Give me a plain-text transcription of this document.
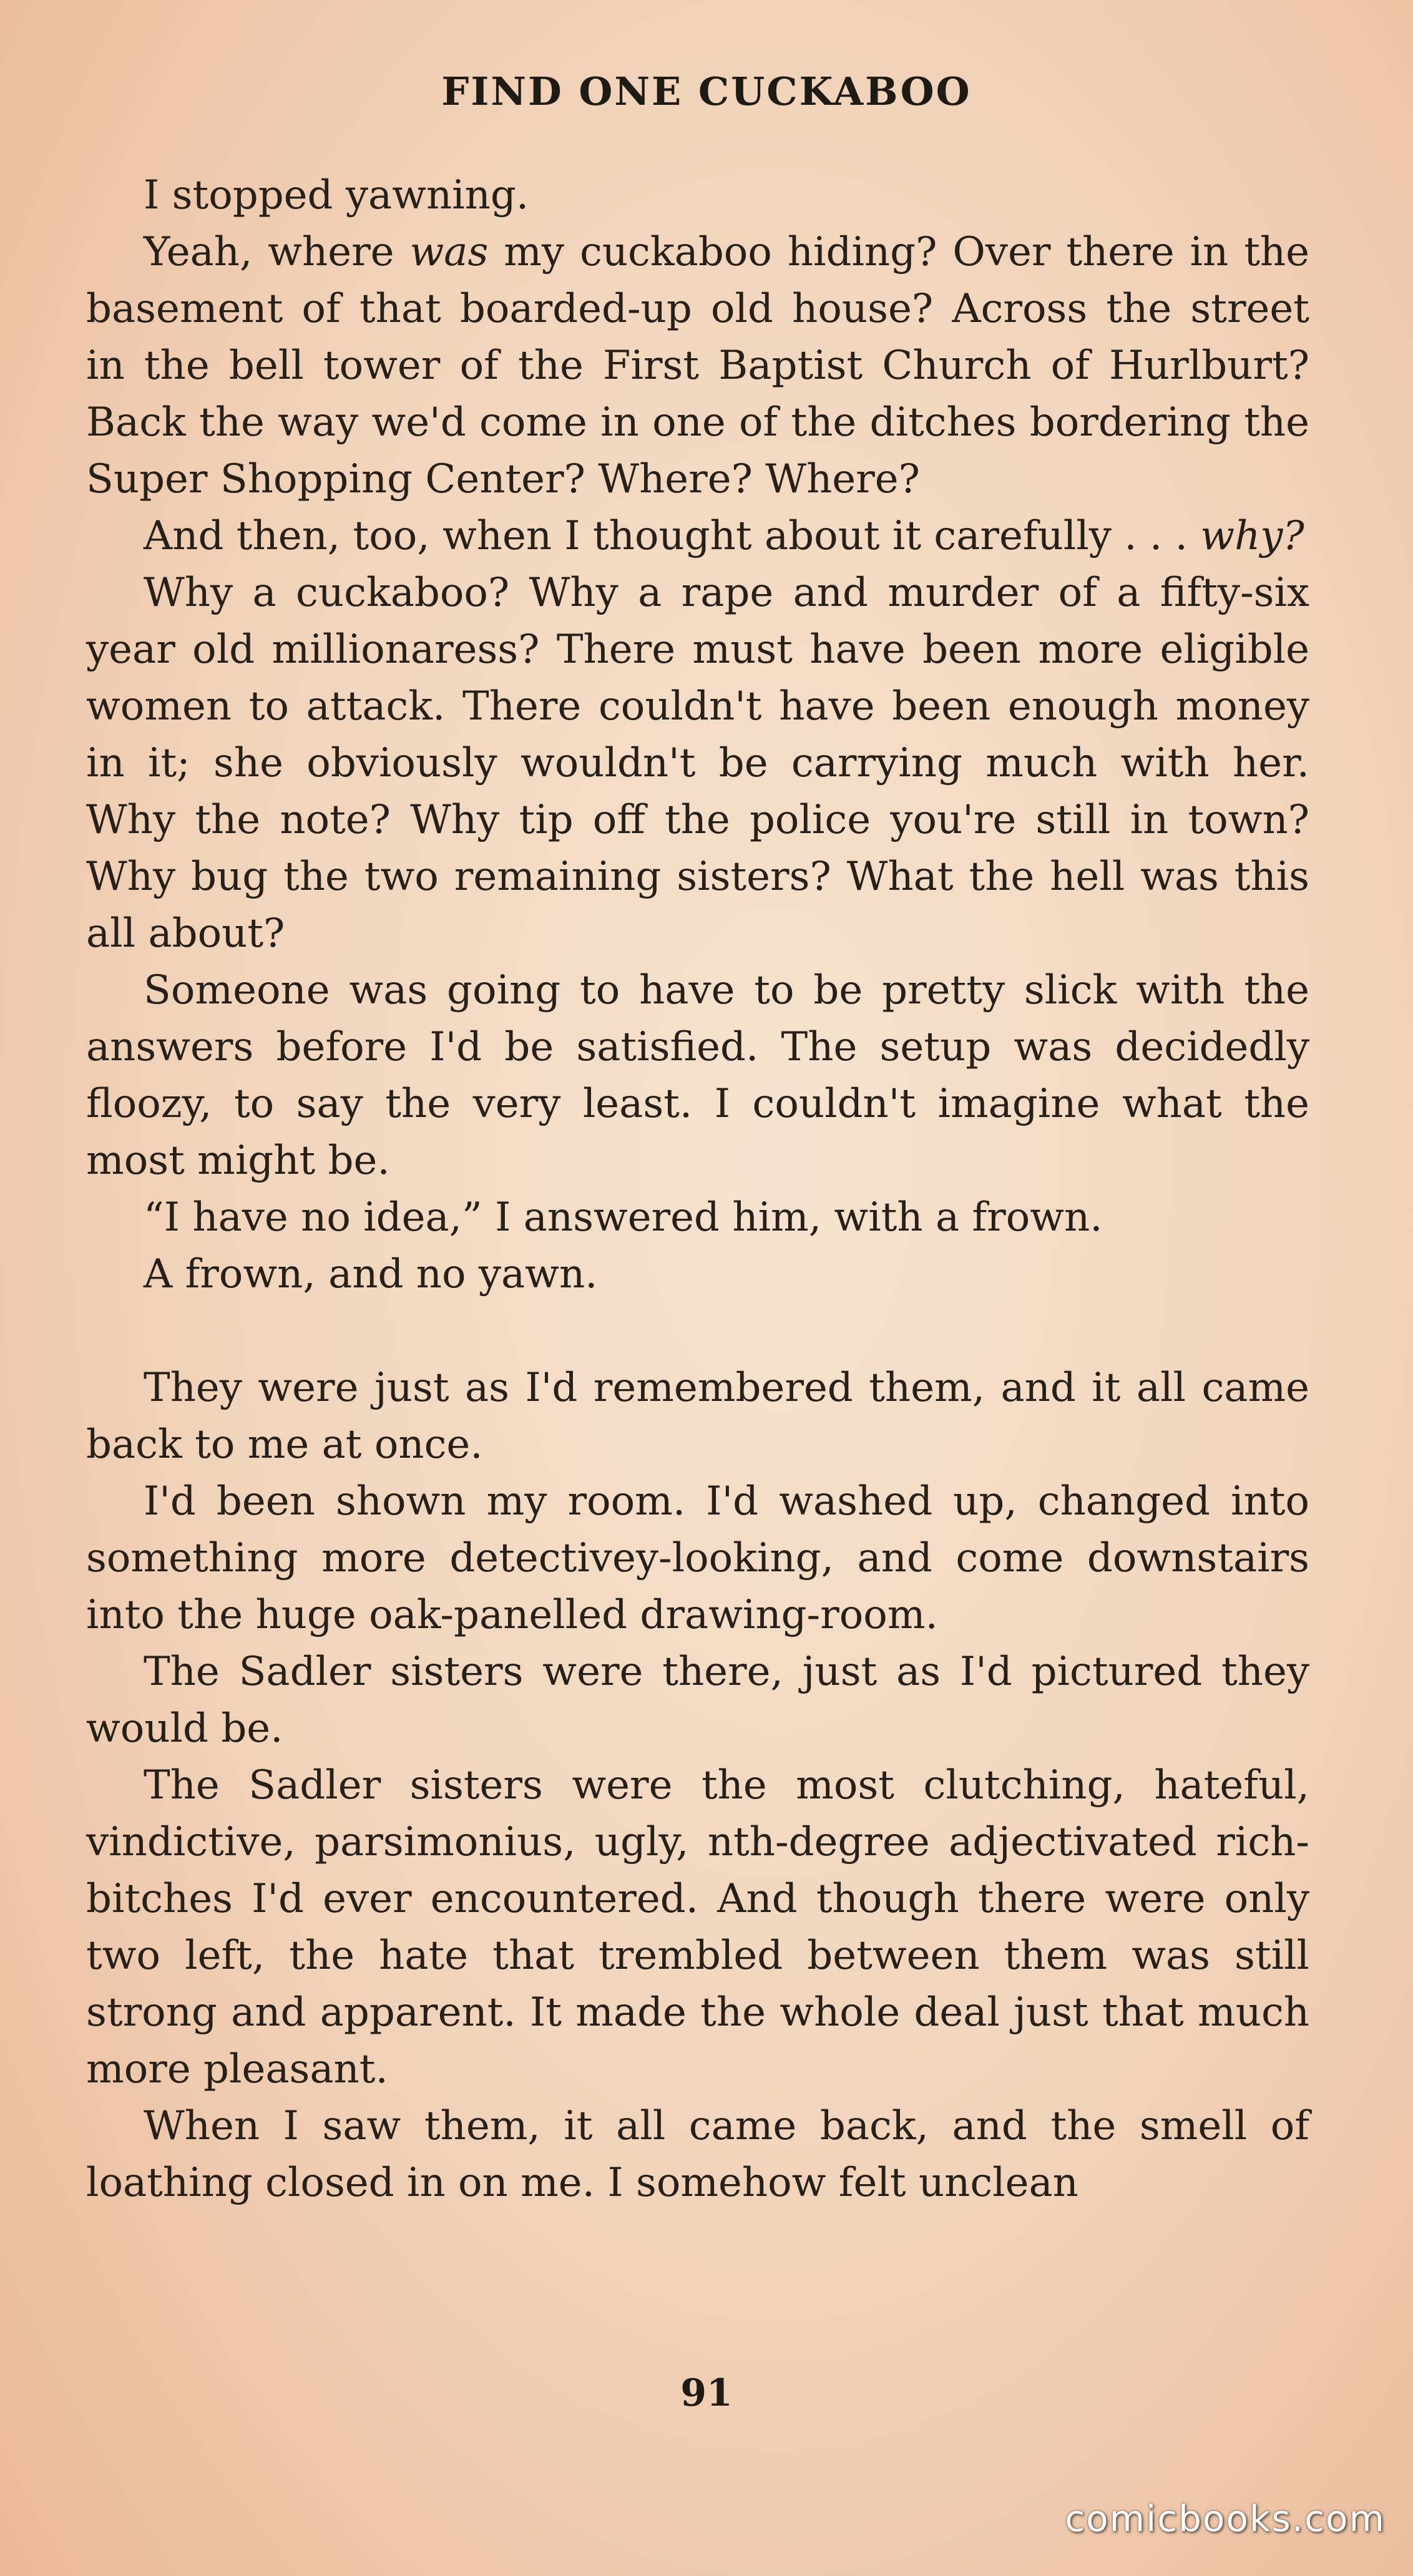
FIND ONE CUCKABOO

I stopped yawning.

Yeah, where was my cuckaboo hiding? Over there in the basement of that boarded-up old house? Across the street in the bell tower of the First Baptist Church of Hurlburt? Back the way we'd come in one of the ditches bordering the Super Shopping Center? Where? Where?

And then, too, when I thought about it carefully . . . why?

Why a cuckaboo? Why a rape and murder of a fifty-six year old millionaress? There must have been more eligible women to attack. There couldn't have been enough money in it; she obviously wouldn't be carrying much with her. Why the note? Why tip off the police you're still in town? Why bug the two remaining sisters? What the hell was this all about?

Someone was going to have to be pretty slick with the answers before I'd be satisfied. The setup was decidedly floozy, to say the very least. I couldn't imagine what the most might be.

“I have no idea,” I answered him, with a frown.

A frown, and no yawn.

They were just as I'd remembered them, and it all came back to me at once.

I'd been shown my room. I'd washed up, changed into something more detectivey-looking, and come downstairs into the huge oak-panelled drawing-room.

The Sadler sisters were there, just as I'd pictured they would be.

The Sadler sisters were the most clutching, hateful, vindictive, parsimonius, ugly, nth-degree adjectivated rich-bitches I'd ever encountered. And though there were only two left, the hate that trembled between them was still strong and apparent. It made the whole deal just that much more pleasant.

When I saw them, it all came back, and the smell of loathing closed in on me. I somehow felt unclean

91
comicbooks.com
